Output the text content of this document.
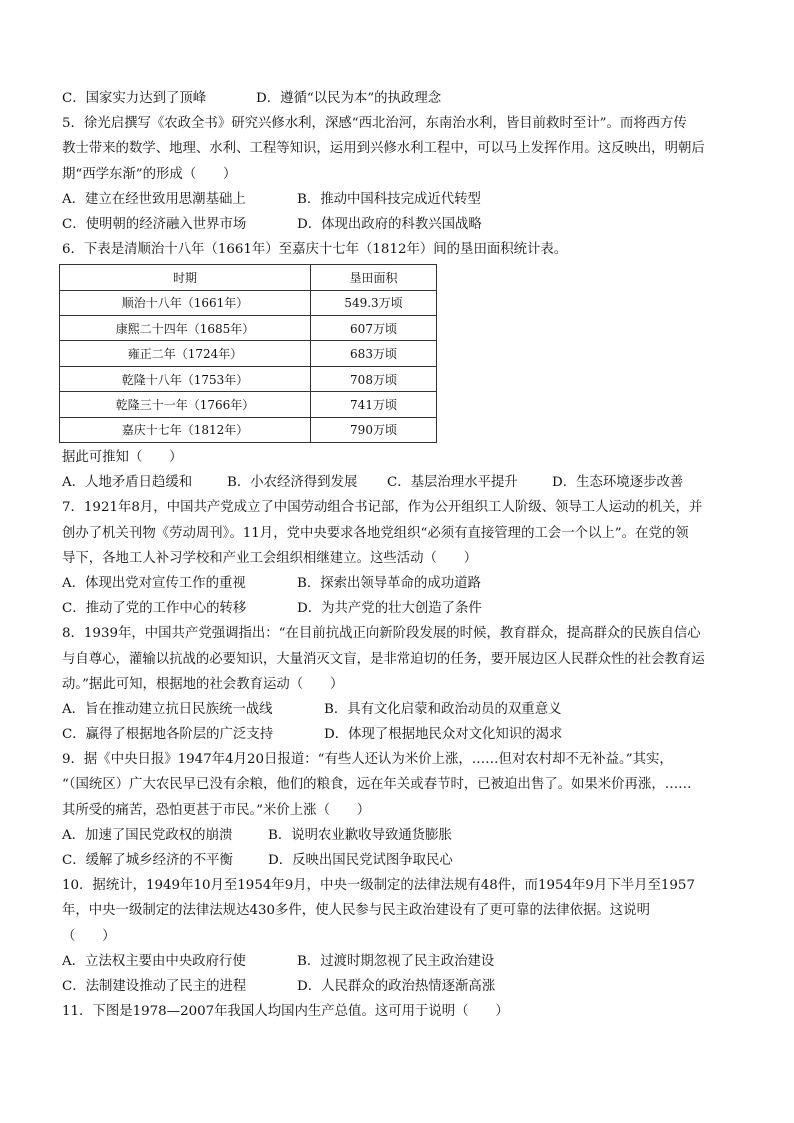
C．国家实力达到了顶峰	D．遵循“以民为本”的执政理念
5．徐光启撰写《农政全书》研究兴修水利，深感“西北治河，东南治水利，皆目前救时至计”。而将西方传
教士带来的数学、地理、水利、工程等知识，运用到兴修水利工程中，可以马上发挥作用。这反映出，明朝后
期“西学东渐”的形成（　　）
A．建立在经世致用思潮基础上	B．推动中国科技完成近代转型
C．使明朝的经济融入世界市场	D．体现出政府的科教兴国战略
6．下表是清顺治十八年（1661年）至嘉庆十七年（1812年）间的垦田面积统计表。
时期	垦田面积
顺治十八年（1661年）	549.3万顷
康熙二十四年（1685年）	607万顷
雍正二年（1724年）	683万顷
乾隆十八年（1753年）	708万顷
乾隆三十一年（1766年）	741万顷
嘉庆十七年（1812年）	790万顷
据此可推知（　　）
A．人地矛盾日趋缓和	B．小农经济得到发展 C．基层治理水平提升	D．生态环境逐步改善
7．1921年8月，中国共产党成立了中国劳动组合书记部，作为公开组织工人阶级、领导工人运动的机关，并
创办了机关刊物《劳动周刊》。11月，党中央要求各地党组织“必须有直接管理的工会一个以上”。在党的领
导下，各地工人补习学校和产业工会组织相继建立。这些活动（　　）
A．体现出党对宣传工作的重视	B．探索出领导革命的成功道路
C．推动了党的工作中心的转移	D．为共产党的壮大创造了条件
8．1939年，中国共产党强调指出：“在目前抗战正向新阶段发展的时候，教育群众，提高群众的民族自信心
与自尊心，灌输以抗战的必要知识，大量消灭文盲，是非常迫切的任务，要开展边区人民群众性的社会教育运
动。”据此可知，根据地的社会教育运动（　　）
A．旨在推动建立抗日民族统一战线	B．具有文化启蒙和政治动员的双重意义
C．赢得了根据地各阶层的广泛支持	D．体现了根据地民众对文化知识的渴求
9．据《中央日报》1947年4月20日报道：“有些人还认为米价上涨，……但对农村却不无补益。”其实，
“（国统区）广大农民早已没有余粮，他们的粮食，远在年关或春节时，已被迫出售了。如果米价再涨，……
其所受的痛苦，恐怕更甚于市民。”米价上涨（　　）
A．加速了国民党政权的崩溃	B．说明农业歉收导致通货膨胀
C．缓解了城乡经济的不平衡	D．反映出国民党试图争取民心
10．据统计，1949年10月至1954年9月，中央一级制定的法律法规有48件，而1954年9月下半月至1957
年，中央一级制定的法律法规达430多件，使人民参与民主政治建设有了更可靠的法律依据。这说明
（　　）
A．立法权主要由中央政府行使	B．过渡时期忽视了民主政治建设
C．法制建设推动了民主的进程	D．人民群众的政治热情逐渐高涨
11．下图是1978—2007年我国人均国内生产总值。这可用于说明（　　）
